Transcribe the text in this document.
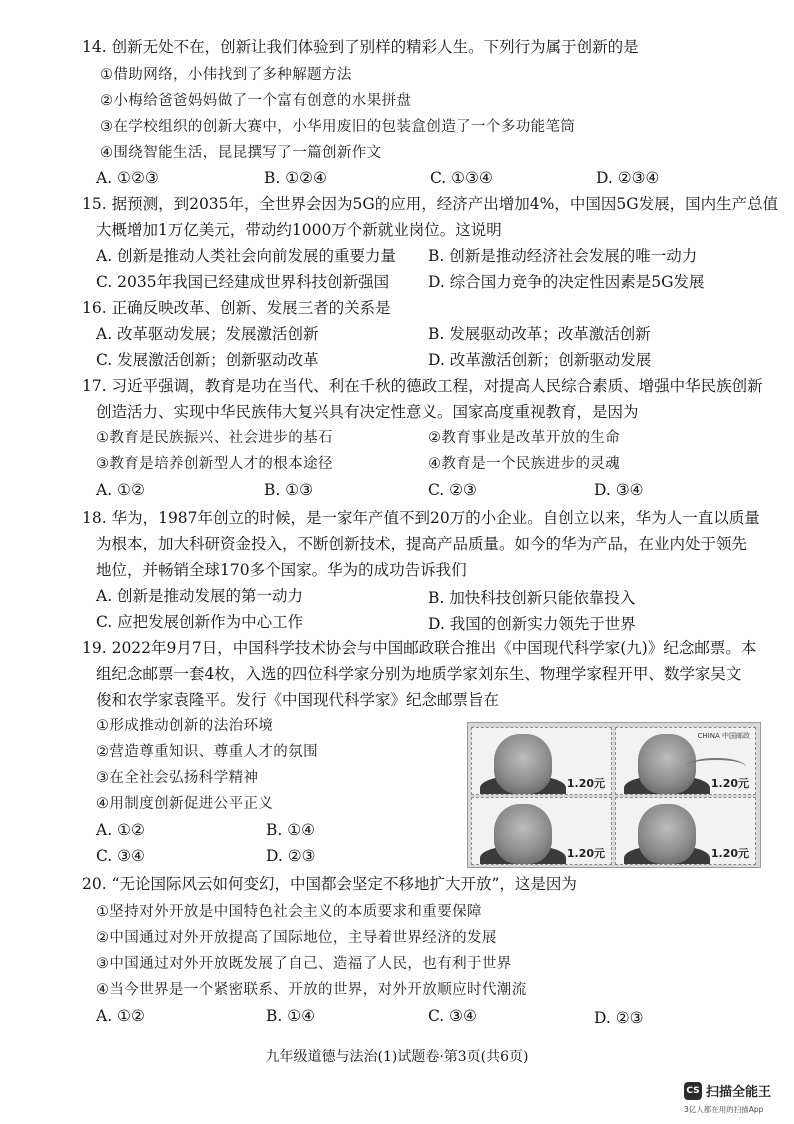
14. 创新无处不在，创新让我们体验到了别样的精彩人生。下列行为属于创新的是
①借助网络，小伟找到了多种解题方法
②小梅给爸爸妈妈做了一个富有创意的水果拼盘
③在学校组织的创新大赛中，小华用废旧的包装盒创造了一个多功能笔筒
④围绕智能生活，昆昆撰写了一篇创新作文
A. ①②③	B. ①②④	C. ①③④	D. ②③④
15. 据预测，到2035年，全世界会因为5G的应用，经济产出增加4%，中国因5G发展，国内生产总值
大概增加1万亿美元，带动约1000万个新就业岗位。这说明
A. 创新是推动人类社会向前发展的重要力量 B. 创新是推动经济社会发展的唯一动力
C. 2035年我国已经建成世界科技创新强国	D. 综合国力竞争的决定性因素是5G发展
16. 正确反映改革、创新、发展三者的关系是
A. 改革驱动发展；发展激活创新	B. 发展驱动改革；改革激活创新
C. 发展激活创新；创新驱动改革	D. 改革激活创新；创新驱动发展
17. 习近平强调，教育是功在当代、利在千秋的德政工程，对提高人民综合素质、增强中华民族创新
创造活力、实现中华民族伟大复兴具有决定性意义。国家高度重视教育，是因为
①教育是民族振兴、社会进步的基石	②教育事业是改革开放的生命
③教育是培养创新型人才的根本途径	④教育是一个民族进步的灵魂
A. ①②	B. ①③	C. ②③	D. ③④
18. 华为，1987年创立的时候，是一家年产值不到20万的小企业。自创立以来，华为人一直以质量
为根本，加大科研资金投入，不断创新技术，提高产品质量。如今的华为产品，在业内处于领先
地位，并畅销全球170多个国家。华为的成功告诉我们
A. 创新是推动发展的第一动力	B. 加快科技创新只能依靠投入
C. 应把发展创新作为中心工作	D. 我国的创新实力领先于世界
19. 2022年9月7日，中国科学技术协会与中国邮政联合推出《中国现代科学家(九)》纪念邮票。本
组纪念邮票一套4枚，入选的四位科学家分别为地质学家刘东生、物理学家程开甲、数学家吴文
俊和农学家袁隆平。发行《中国现代科学家》纪念邮票旨在
①形成推动创新的法治环境
②营造尊重知识、尊重人才的氛围
③在全社会弘扬科学精神
④用制度创新促进公平正义
A. ①②	B. ①④
C. ③④	D. ②③
1.20元
CHINA 中国邮政
1.20元
1.20元	1.20元
20. “无论国际风云如何变幻，中国都会坚定不移地扩大开放”，这是因为
①坚持对外开放是中国特色社会主义的本质要求和重要保障
②中国通过对外开放提高了国际地位，主导着世界经济的发展
③中国通过对外开放既发展了自己、造福了人民，也有利于世界
④当今世界是一个紧密联系、开放的世界，对外开放顺应时代潮流
A. ①②	B. ①④	C. ③④	D. ②③
九年级道德与法治(1)试题卷·第3页(共6页)
CS 扫描全能王
3亿人都在用的扫描App
